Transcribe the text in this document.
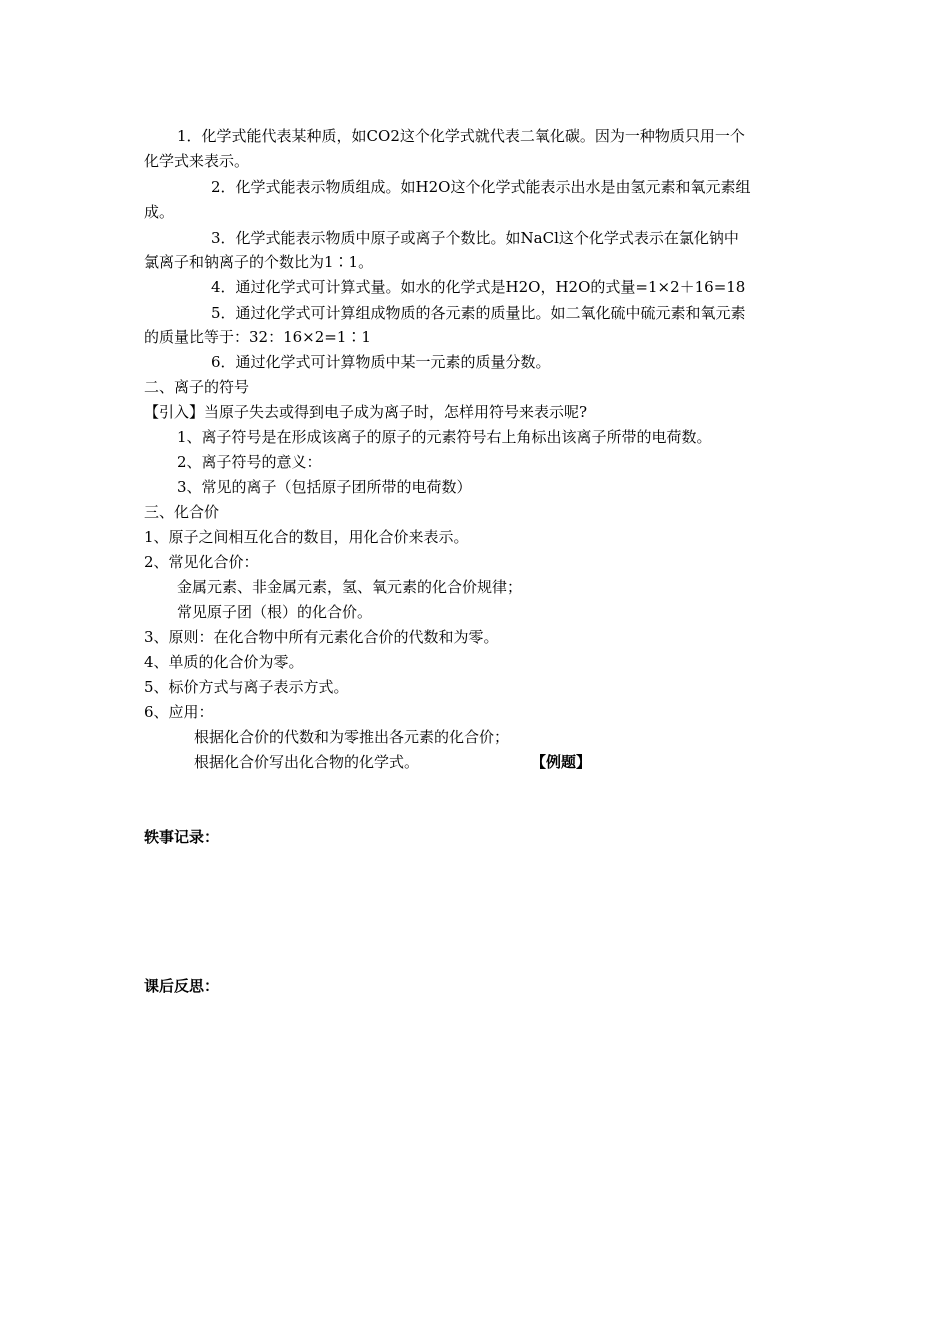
1．化学式能代表某种质，如CO2这个化学式就代表二氧化碳。因为一种物质只用一个
化学式来表示。
2．化学式能表示物质组成。如H2O这个化学式能表示出水是由氢元素和氧元素组
成。
3．化学式能表示物质中原子或离子个数比。如NaCl这个化学式表示在氯化钠中
氯离子和钠离子的个数比为1∶1。
4．通过化学式可计算式量。如水的化学式是H2O，H2O的式量=1×2＋16=18
5．通过化学式可计算组成物质的各元素的质量比。如二氧化硫中硫元素和氧元素
的质量比等于：32：16×2=1∶1
6．通过化学式可计算物质中某一元素的质量分数。
二、离子的符号
【引入】当原子失去或得到电子成为离子时，怎样用符号来表示呢?
1、离子符号是在形成该离子的原子的元素符号右上角标出该离子所带的电荷数。
2、离子符号的意义：
3、常见的离子（包括原子团所带的电荷数）
三、化合价
1、原子之间相互化合的数目，用化合价来表示。
2、常见化合价：
金属元素、非金属元素，氢、氧元素的化合价规律；
常见原子团（根）的化合价。
3、原则：在化合物中所有元素化合价的代数和为零。
4、单质的化合价为零。
5、标价方式与离子表示方式。
6、应用：
根据化合价的代数和为零推出各元素的化合价；
根据化合价写出化合物的化学式。	【例题】
轶事记录：
课后反思：
